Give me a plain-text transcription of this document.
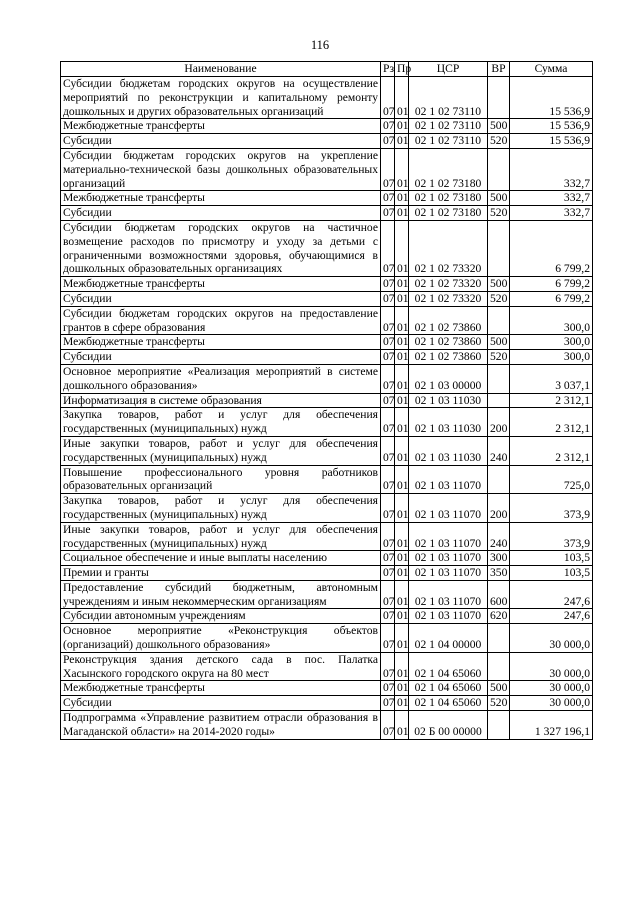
116
Наименование	Рз	Пр	ЦСР	ВР	Сумма
Субсидии бюджетам городских округов на осуществление мероприятий по реконструкции и капитальному ремонту дошкольных и других образовательных организаций	07	01	02 1 02 73110		15 536,9
Межбюджетные трансферты	07	01	02 1 02 73110	500	15 536,9
Субсидии	07	01	02 1 02 73110	520	15 536,9
Субсидии бюджетам городских округов на укрепление материально-технической базы дошкольных образовательных организаций	07	01	02 1 02 73180		332,7
Межбюджетные трансферты	07	01	02 1 02 73180	500	332,7
Субсидии	07	01	02 1 02 73180	520	332,7
Субсидии бюджетам городских округов на частичное возмещение расходов по присмотру и уходу за детьми с ограниченными возможностями здоровья, обучающимися в дошкольных образовательных организациях	07	01	02 1 02 73320		6 799,2
Межбюджетные трансферты	07	01	02 1 02 73320	500	6 799,2
Субсидии	07	01	02 1 02 73320	520	6 799,2
Субсидии бюджетам городских округов на предоставление грантов в сфере образования	07	01	02 1 02 73860		300,0
Межбюджетные трансферты	07	01	02 1 02 73860	500	300,0
Субсидии	07	01	02 1 02 73860	520	300,0
Основное мероприятие «Реализация мероприятий в системе дошкольного образования»	07	01	02 1 03 00000		3 037,1
Информатизация в системе образования	07	01	02 1 03 11030		2 312,1
Закупка товаров, работ и услуг для обеспечения государственных (муниципальных) нужд	07	01	02 1 03 11030	200	2 312,1
Иные закупки товаров, работ и услуг для обеспечения государственных (муниципальных) нужд	07	01	02 1 03 11030	240	2 312,1
Повышение профессионального уровня работников образовательных организаций	07	01	02 1 03 11070		725,0
Закупка товаров, работ и услуг для обеспечения государственных (муниципальных) нужд	07	01	02 1 03 11070	200	373,9
Иные закупки товаров, работ и услуг для обеспечения государственных (муниципальных) нужд	07	01	02 1 03 11070	240	373,9
Социальное обеспечение и иные выплаты населению	07	01	02 1 03 11070	300	103,5
Премии и гранты	07	01	02 1 03 11070	350	103,5
Предоставление субсидий бюджетным, автономным учреждениям и иным некоммерческим организациям	07	01	02 1 03 11070	600	247,6
Субсидии автономным учреждениям	07	01	02 1 03 11070	620	247,6
Основное мероприятие «Реконструкция объектов (организаций) дошкольного образования»	07	01	02 1 04 00000		30 000,0
Реконструкция здания детского сада в пос. Палатка Хасынского городского округа на 80 мест	07	01	02 1 04 65060		30 000,0
Межбюджетные трансферты	07	01	02 1 04 65060	500	30 000,0
Субсидии	07	01	02 1 04 65060	520	30 000,0
Подпрограмма «Управление развитием отрасли образования в Магаданской области» на 2014-2020 годы»	07	01	02 Б 00 00000		1 327 196,1
